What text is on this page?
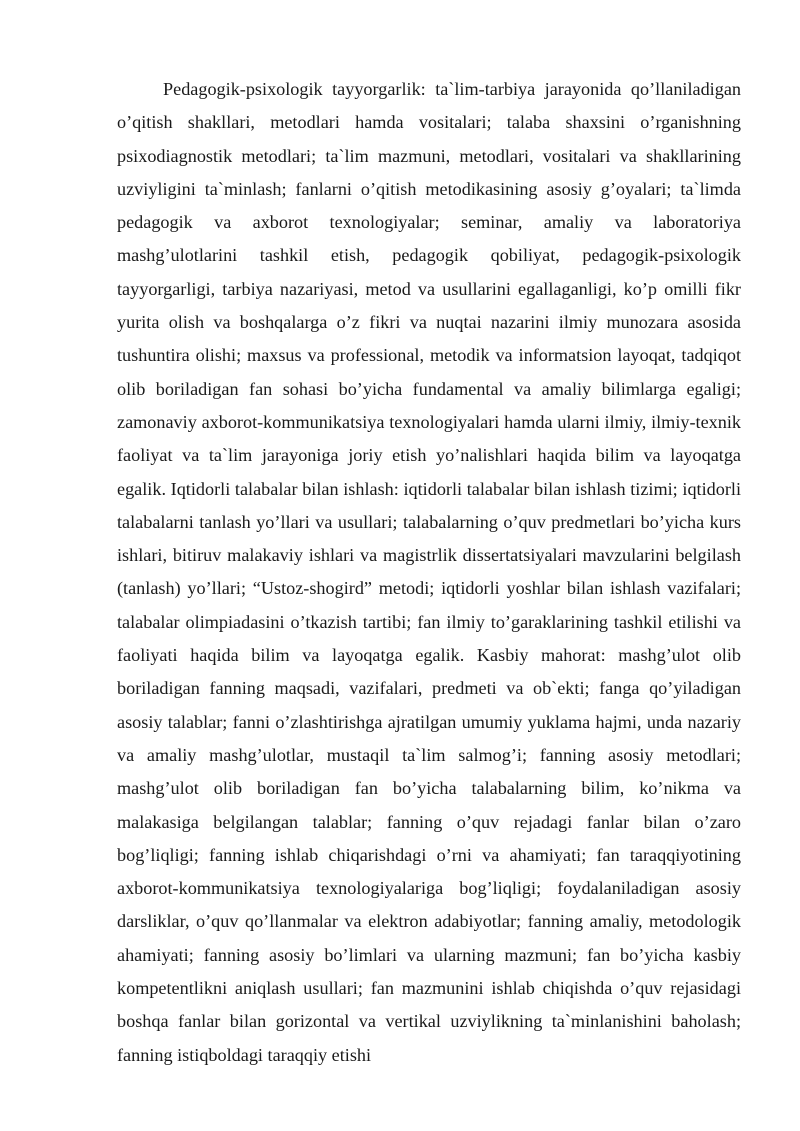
Pedagogik-psixologik tayyorgarlik: ta`lim-tarbiya jarayonida qo’llaniladigan o’qitish shakllari, metodlari hamda vositalari; talaba shaxsini o’rganishning psixodiagnostik metodlari; ta`lim mazmuni, metodlari, vositalari va shakllarining uzviyligini ta`minlash; fanlarni o’qitish metodikasining asosiy g’oyalari; ta`limda pedagogik va axborot texnologiyalar; seminar, amaliy va laboratoriya mashg’ulotlarini tashkil etish, pedagogik qobiliyat, pedagogik-psixologik tayyorgarligi, tarbiya nazariyasi, metod va usullarini egallaganligi, ko’p omilli fikr yurita olish va boshqalarga o’z fikri va nuqtai nazarini ilmiy munozara asosida tushuntira olishi; maxsus va professional, metodik va informatsion layoqat, tadqiqot olib boriladigan fan sohasi bo’yicha fundamental va amaliy bilimlarga egaligi; zamonaviy axborot-kommunikatsiya texnologiyalari hamda ularni ilmiy, ilmiy-texnik faoliyat va ta`lim jarayoniga joriy etish yo’nalishlari haqida bilim va layoqatga egalik. Iqtidorli talabalar bilan ishlash: iqtidorli talabalar bilan ishlash tizimi; iqtidorli talabalarni tanlash yo’llari va usullari; talabalarning o’quv predmetlari bo’yicha kurs ishlari, bitiruv malakaviy ishlari va magistrlik dissertatsiyalari mavzularini belgilash (tanlash) yo’llari; “Ustoz-shogird” metodi; iqtidorli yoshlar bilan ishlash vazifalari; talabalar olimpiadasini o’tkazish tartibi; fan ilmiy to’garaklarining tashkil etilishi va faoliyati haqida bilim va layoqatga egalik. Kasbiy mahorat: mashg’ulot olib boriladigan fanning maqsadi, vazifalari, predmeti va ob`ekti; fanga qo’yiladigan asosiy talablar; fanni o’zlashtirishga ajratilgan umumiy yuklama hajmi, unda nazariy va amaliy mashg’ulotlar, mustaqil ta`lim salmog’i; fanning asosiy metodlari; mashg’ulot olib boriladigan fan bo’yicha talabalarning bilim, ko’nikma va malakasiga belgilangan talablar; fanning o’quv rejadagi fanlar bilan o’zaro bog’liqligi; fanning ishlab chiqarishdagi o’rni va ahamiyati; fan taraqqiyotining axborot-kommunikatsiya texnologiyalariga bog’liqligi; foydalaniladigan asosiy darsliklar, o’quv qo’llanmalar va elektron adabiyotlar; fanning amaliy, metodologik ahamiyati; fanning asosiy bo’limlari va ularning mazmuni; fan bo’yicha kasbiy kompetentlikni aniqlash usullari; fan mazmunini ishlab chiqishda o’quv rejasidagi boshqa fanlar bilan gorizontal va vertikal uzviylikning ta`minlanishini baholash; fanning istiqboldagi taraqqiy etishi
